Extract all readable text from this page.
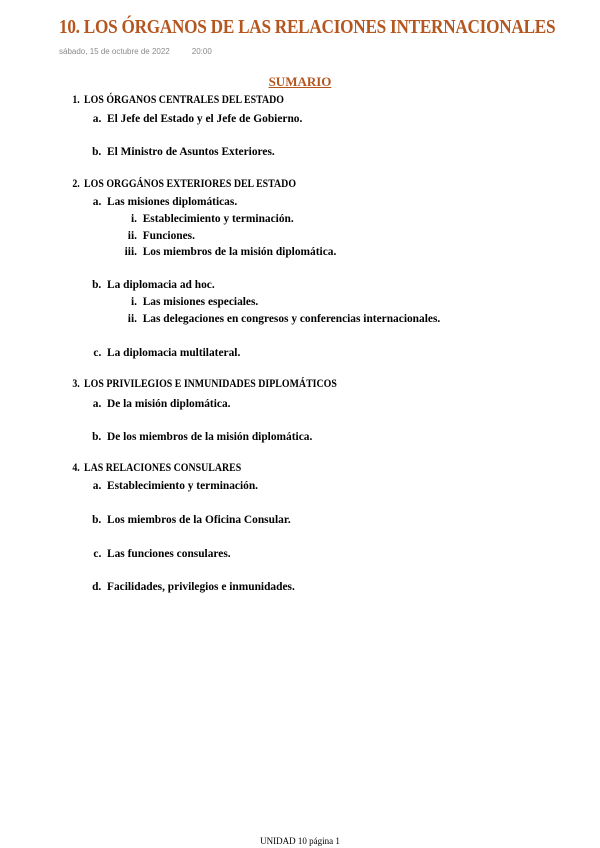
10. LOS ÓRGANOS DE LAS RELACIONES INTERNACIONALES
sábado, 15 de octubre de 2022	20:00
SUMARIO
1. LOS ÓRGANOS CENTRALES DEL ESTADO
a. El Jefe del Estado y el Jefe de Gobierno.
b. El Ministro de Asuntos Exteriores.
2. LOS ORGGÁNOS EXTERIORES DEL ESTADO
a. Las misiones diplomáticas.
i. Establecimiento y terminación.
ii. Funciones.
iii. Los miembros de la misión diplomática.
b. La diplomacia ad hoc.
i. Las misiones especiales.
ii. Las delegaciones en congresos y conferencias internacionales.
c. La diplomacia multilateral.
3. LOS PRIVILEGIOS E INMUNIDADES DIPLOMÁTICOS
a. De la misión diplomática.
b. De los miembros de la misión diplomática.
4. LAS RELACIONES CONSULARES
a. Establecimiento y terminación.
b. Los miembros de la Oficina Consular.
c. Las funciones consulares.
d. Facilidades, privilegios e inmunidades.
UNIDAD 10 página 1
